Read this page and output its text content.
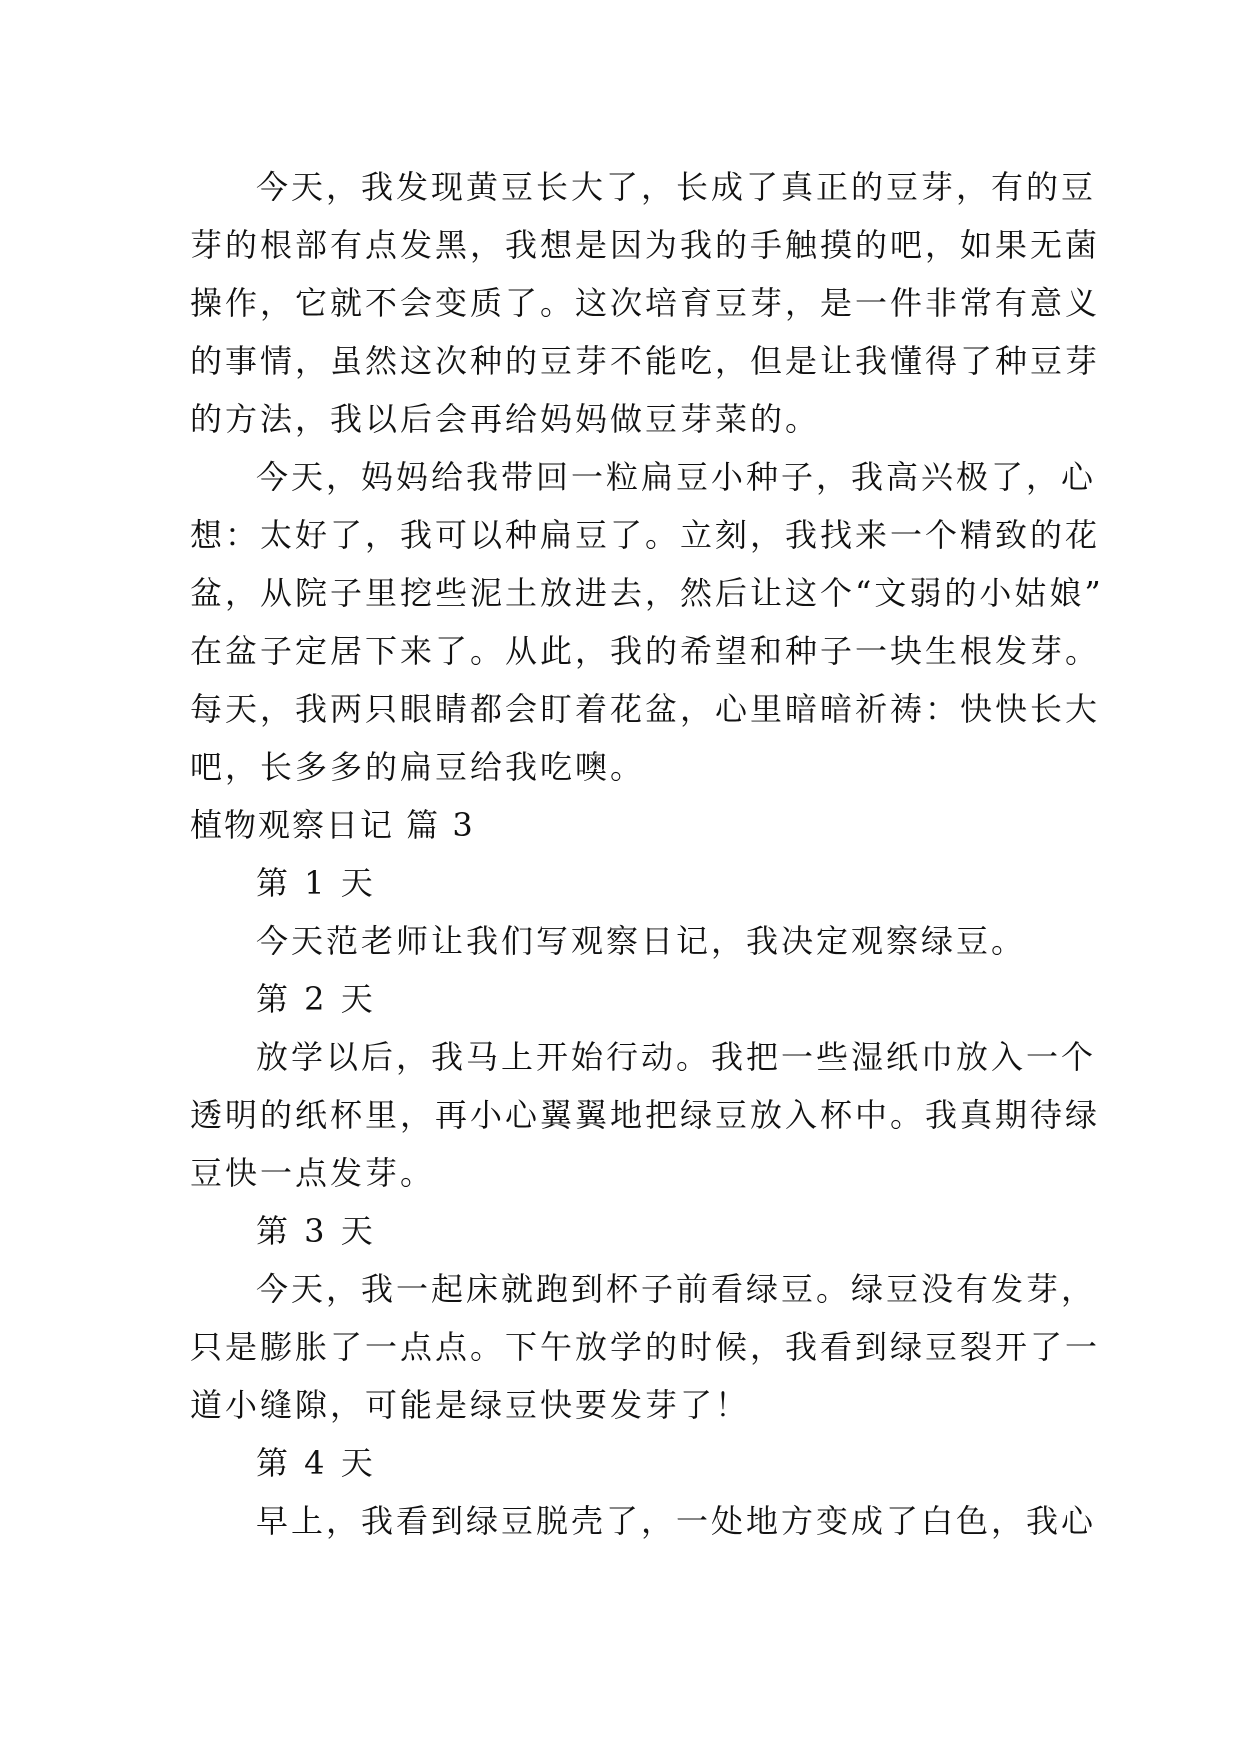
今天，我发现黄豆长大了，长成了真正的豆芽，有的豆
芽的根部有点发黑，我想是因为我的手触摸的吧，如果无菌
操作，它就不会变质了。这次培育豆芽，是一件非常有意义
的事情，虽然这次种的豆芽不能吃，但是让我懂得了种豆芽
的方法，我以后会再给妈妈做豆芽菜的。
今天，妈妈给我带回一粒扁豆小种子，我高兴极了，心
想：太好了，我可以种扁豆了。立刻，我找来一个精致的花
盆，从院子里挖些泥土放进去，然后让这个“文弱的小姑娘”
在盆子定居下来了。从此，我的希望和种子一块生根发芽。
每天，我两只眼睛都会盯着花盆，心里暗暗祈祷：快快长大
吧，长多多的扁豆给我吃噢。
植物观察日记 篇 3
第 1 天
今天范老师让我们写观察日记，我决定观察绿豆。
第 2 天
放学以后，我马上开始行动。我把一些湿纸巾放入一个
透明的纸杯里，再小心翼翼地把绿豆放入杯中。我真期待绿
豆快一点发芽。
第 3 天
今天，我一起床就跑到杯子前看绿豆。绿豆没有发芽，
只是膨胀了一点点。下午放学的时候，我看到绿豆裂开了一
道小缝隙，可能是绿豆快要发芽了！
第 4 天
早上，我看到绿豆脱壳了，一处地方变成了白色，我心
